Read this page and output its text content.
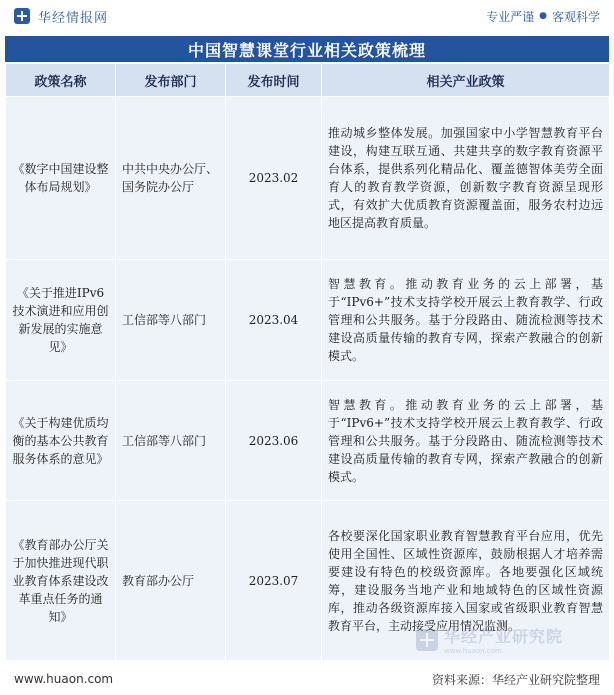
华经情报网	专业严谨 ● 客观科学
中国智慧课堂行业相关政策梳理
政策名称	发布部门	发布时间	相关产业政策
《数字中国建设整体布局规划》	中共中央办公厅、国务院办公厅	2023.02	推动城乡整体发展。加强国家中小学智慧教育平台建设，构建互联互通、共建共享的数字教育资源平台体系，提供系列化精品化、覆盖德智体美劳全面育人的教育教学资源，创新数字教育资源呈现形式，有效扩大优质教育资源覆盖面，服务农村边远地区提高教育质量。
《关于推进IPv6技术演进和应用创新发展的实施意见》	工信部等八部门	2023.04	智慧教育。推动教育业务的云上部署，基于“IPv6+”技术支持学校开展云上教育教学、行政管理和公共服务。基于分段路由、随流检测等技术建设高质量传输的教育专网，探索产教融合的创新模式。
《关于构建优质均衡的基本公共教育服务体系的意见》	工信部等八部门	2023.06	智慧教育。推动教育业务的云上部署，基于“IPv6+”技术支持学校开展云上教育教学、行政管理和公共服务。基于分段路由、随流检测等技术建设高质量传输的教育专网，探索产教融合的创新模式。
《教育部办公厅关于加快推进现代职业教育体系建设改革重点任务的通知》	教育部办公厅	2023.07	各校要深化国家职业教育智慧教育平台应用，优先使用全国性、区域性资源库，鼓励根据人才培养需要建设有特色的校级资源库。各地要强化区域统筹，建设服务当地产业和地域特色的区域性资源库，推动各级资源库接入国家或省级职业教育智慧教育平台，主动接受应用情况监测。
华经产业研究院
www.huaon.com
www.huaon.com	资料来源：华经产业研究院整理
